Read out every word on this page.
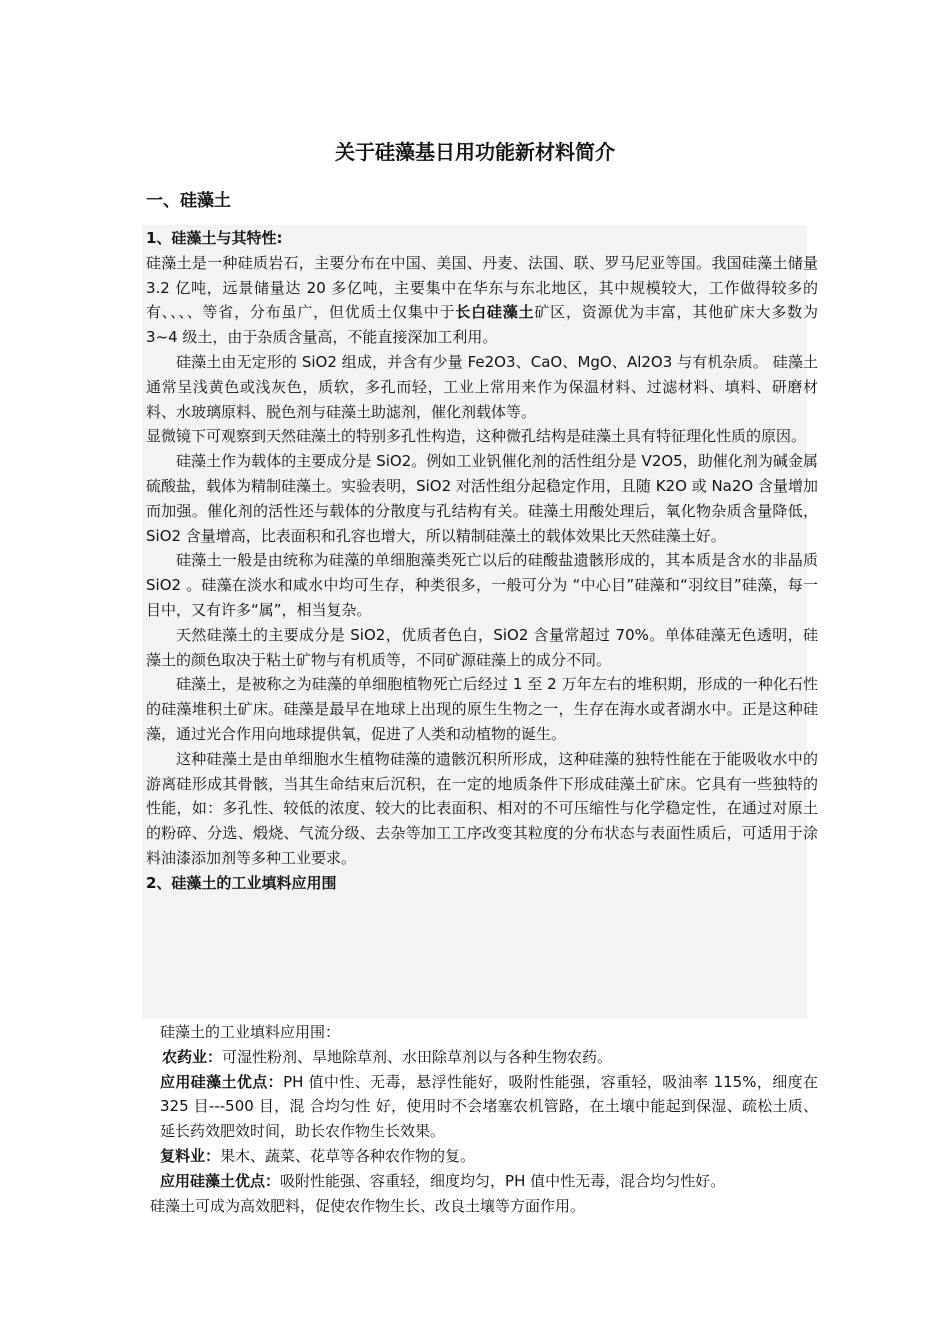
关于硅藻基日用功能新材料简介
一、硅藻土

1、硅藻土与其特性:

硅藻土是一种硅质岩石，主要分布在中国、美国、丹麦、法国、联、罗马尼亚等国。我国硅藻土储量 3.2 亿吨，远景储量达 20 多亿吨，主要集中在华东与东北地区，其中规模较大，工作做得较多的有、、、、等省，分布虽广，但优质土仅集中于长白硅藻土矿区，资源优为丰富，其他矿床大多数为 3~4 级土，由于杂质含量高，不能直接深加工利用。

硅藻土由无定形的 SiO2 组成，并含有少量 Fe2O3、CaO、MgO、Al2O3 与有机杂质。 硅藻土通常呈浅黄色或浅灰色，质软，多孔而轻，工业上常用来作为保温材料、过滤材料、填料、研磨材料、水玻璃原料、脱色剂与硅藻土助滤剂，催化剂载体等。

显微镜下可观察到天然硅藻土的特别多孔性构造，这种微孔结构是硅藻土具有特征理化性质的原因。

硅藻土作为载体的主要成分是 SiO2。例如工业钒催化剂的活性组分是 V2O5，助催化剂为碱金属硫酸盐，载体为精制硅藻土。实验表明，SiO2 对活性组分起稳定作用，且随 K2O 或 Na2O 含量增加而加强。催化剂的活性还与载体的分散度与孔结构有关。硅藻土用酸处理后，氧化物杂质含量降低， SiO2 含量增高，比表面积和孔容也增大，所以精制硅藻土的载体效果比天然硅藻土好。

硅藻土一般是由统称为硅藻的单细胞藻类死亡以后的硅酸盐遗骸形成的，其本质是含水的非晶质 SiO2 。硅藻在淡水和咸水中均可生存，种类很多，一般可分为 “中心目”硅藻和“羽纹目”硅藻，每一目中，又有许多“属”，相当复杂。

天然硅藻土的主要成分是 SiO2，优质者色白，SiO2 含量常超过 70%。单体硅藻无色透明，硅藻土的颜色取决于粘土矿物与有机质等，不同矿源硅藻上的成分不同。

硅藻土，是被称之为硅藻的单细胞植物死亡后经过 1 至 2 万年左右的堆积期，形成的一种化石性的硅藻堆积土矿床。硅藻是最早在地球上出现的原生生物之一，生存在海水或者湖水中。正是这种硅藻，通过光合作用向地球提供氧，促进了人类和动植物的诞生。

这种硅藻土是由单细胞水生植物硅藻的遗骸沉积所形成，这种硅藻的独特性能在于能吸收水中的游离硅形成其骨骸，当其生命结束后沉积，在一定的地质条件下形成硅藻土矿床。它具有一些独特的性能，如：多孔性、较低的浓度、较大的比表面积、相对的不可压缩性与化学稳定性，在通过对原土的粉碎、分选、煅烧、气流分级、去杂等加工工序改变其粒度的分布状态与表面性质后，可适用于涂料油漆添加剂等多种工业要求。

2、硅藻土的工业填料应用围

硅藻土的工业填料应用围：

农药业：可湿性粉剂、旱地除草剂、水田除草剂以与各种生物农药。

应用硅藻土优点：PH 值中性、无毒，悬浮性能好，吸附性能强，容重轻，吸油率 115%，细度在 325 目---500 目，混 合均匀性 好，使用时不会堵塞农机管路，在土壤中能起到保湿、疏松土质、延长药效肥效时间，助长农作物生长效果。

复料业：果木、蔬菜、花草等各种农作物的复。

应用硅藻土优点：吸附性能强、容重轻，细度均匀，PH 值中性无毒，混合均匀性好。

硅藻土可成为高效肥料，促使农作物生长、改良土壤等方面作用。
